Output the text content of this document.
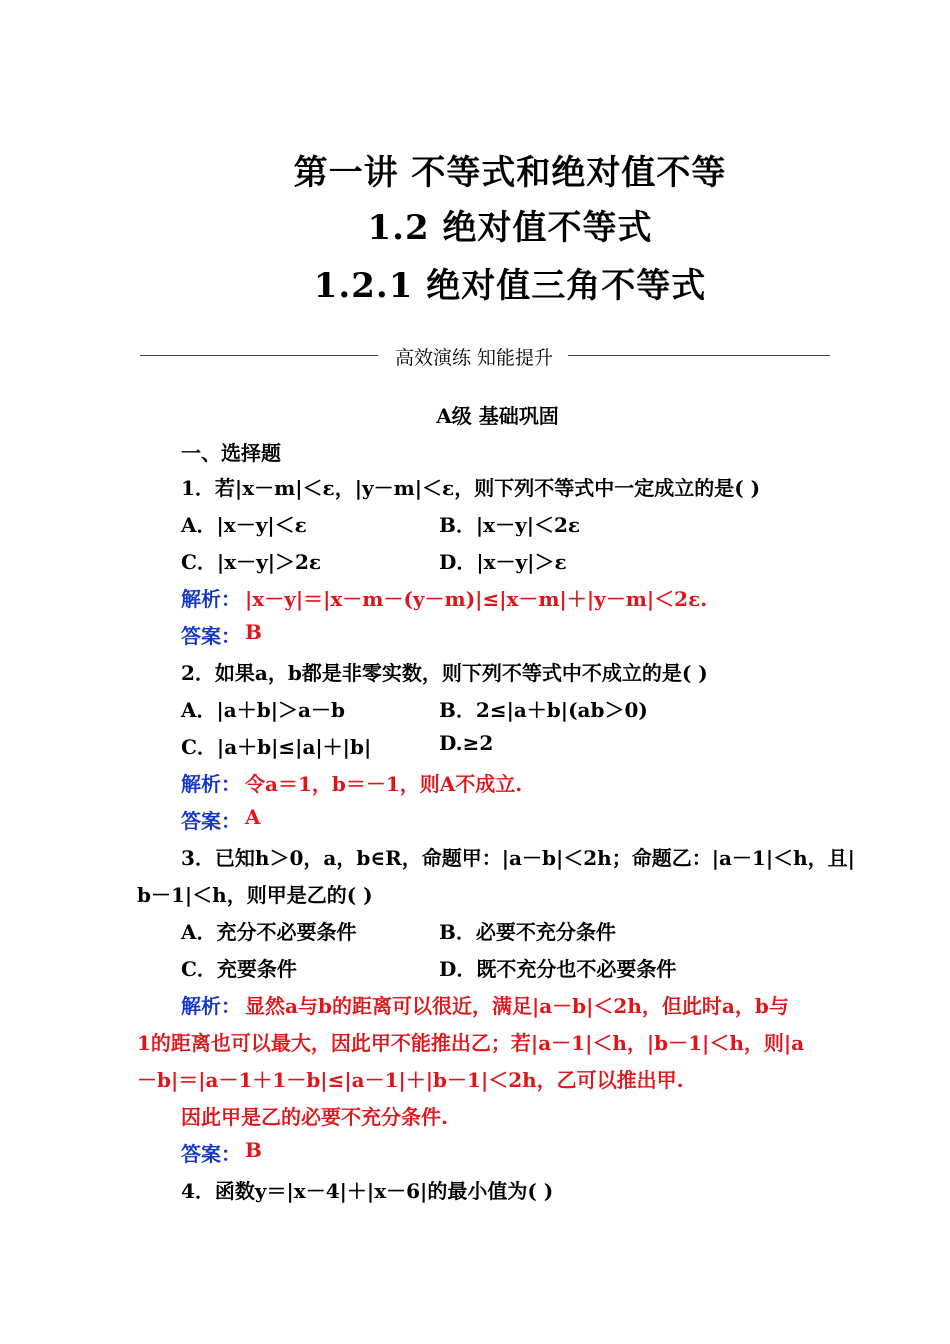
第一讲 不等式和绝对值不等
1.2 绝对值不等式
1.2.1 绝对值三角不等式
高效演练 知能提升
A级 基础巩固
一、选择题
1．若|x－m|＜ε，|y－m|＜ε，则下列不等式中一定成立的是( )
A．|x－y|＜ε	B．|x－y|＜2ε
C．|x－y|＞2ε	D．|x－y|＞ε
解析： |x－y|＝|x－m－(y－m)|≤|x－m|＋|y－m|＜2ε.
答案： B
2．如果a，b都是非零实数，则下列不等式中不成立的是( )
A．|a＋b|＞a－b	B．2≤|a＋b|(ab＞0)
C．|a＋b|≤|a|＋|b|	D.≥2
解析： 令a＝1，b＝－1，则A不成立.
答案： A
3．已知h＞0，a，b∈R，命题甲：|a－b|＜2h；命题乙：|a－1|＜h，且|
b－1|＜h，则甲是乙的( )
A．充分不必要条件	B．必要不充分条件
C．充要条件	D．既不充分也不必要条件
解析： 显然a与b的距离可以很近，满足|a－b|＜2h，但此时a，b与
1的距离也可以最大，因此甲不能推出乙；若|a－1|＜h，|b－1|＜h，则|a
－b|＝|a－1＋1－b|≤|a－1|＋|b－1|＜2h，乙可以推出甲.
因此甲是乙的必要不充分条件.
答案： B
4．函数y＝|x－4|＋|x－6|的最小值为( )
